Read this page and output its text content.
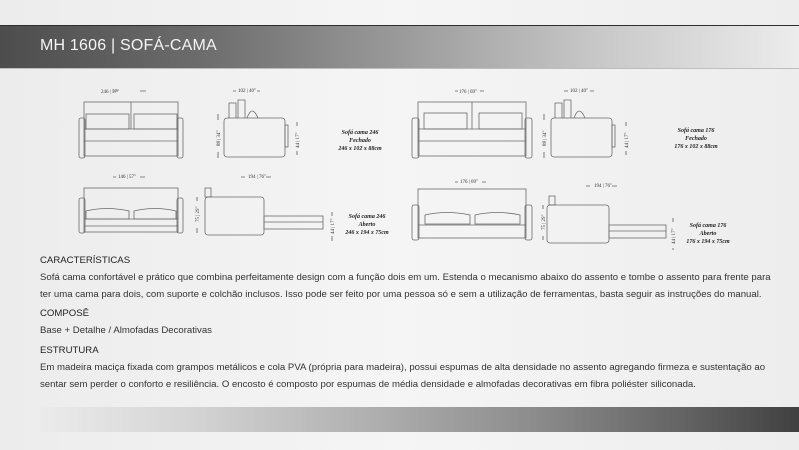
MH 1606 | SOFÁ-CAMA
246 | 57"	102 | 40"
88 | 34"	44 | 17"
176 | 69"	102 | 40"
88 | 34"	44 | 17"
146 | 57"	194 | 76"
75 | 29"
44 | 17"
176 | 69"
194 | 76"
75 | 29"
44 | 17"
Sofá cama 246
Fechado
246 x 102 x 88cm
Sofá cama 176
Fechado
176 x 102 x 88cm
Sofá cama 246
Aberto
246 x 194 x 75cm
Sofá cama 176
Aberto
176 x 194 x 75cm
CARACTERÍSTICAS
Sofá cama confortável e prático que combina perfeitamente design com a função dois em um. Estenda o mecanismo abaixo do assento e tombe o assento para frente para
ter uma cama para dois, com suporte e colchão inclusos. Isso pode ser feito por uma pessoa só e sem a utilização de ferramentas, basta seguir as instruções do manual.
COMPOSÊ
Base + Detalhe / Almofadas Decorativas
ESTRUTURA
Em madeira maciça fixada com grampos metálicos e cola PVA (própria para madeira), possui espumas de alta densidade no assento agregando firmeza e sustentação ao
sentar sem perder o conforto e resiliência. O encosto é composto por espumas de média densidade e almofadas decorativas em fibra poliéster siliconada.
